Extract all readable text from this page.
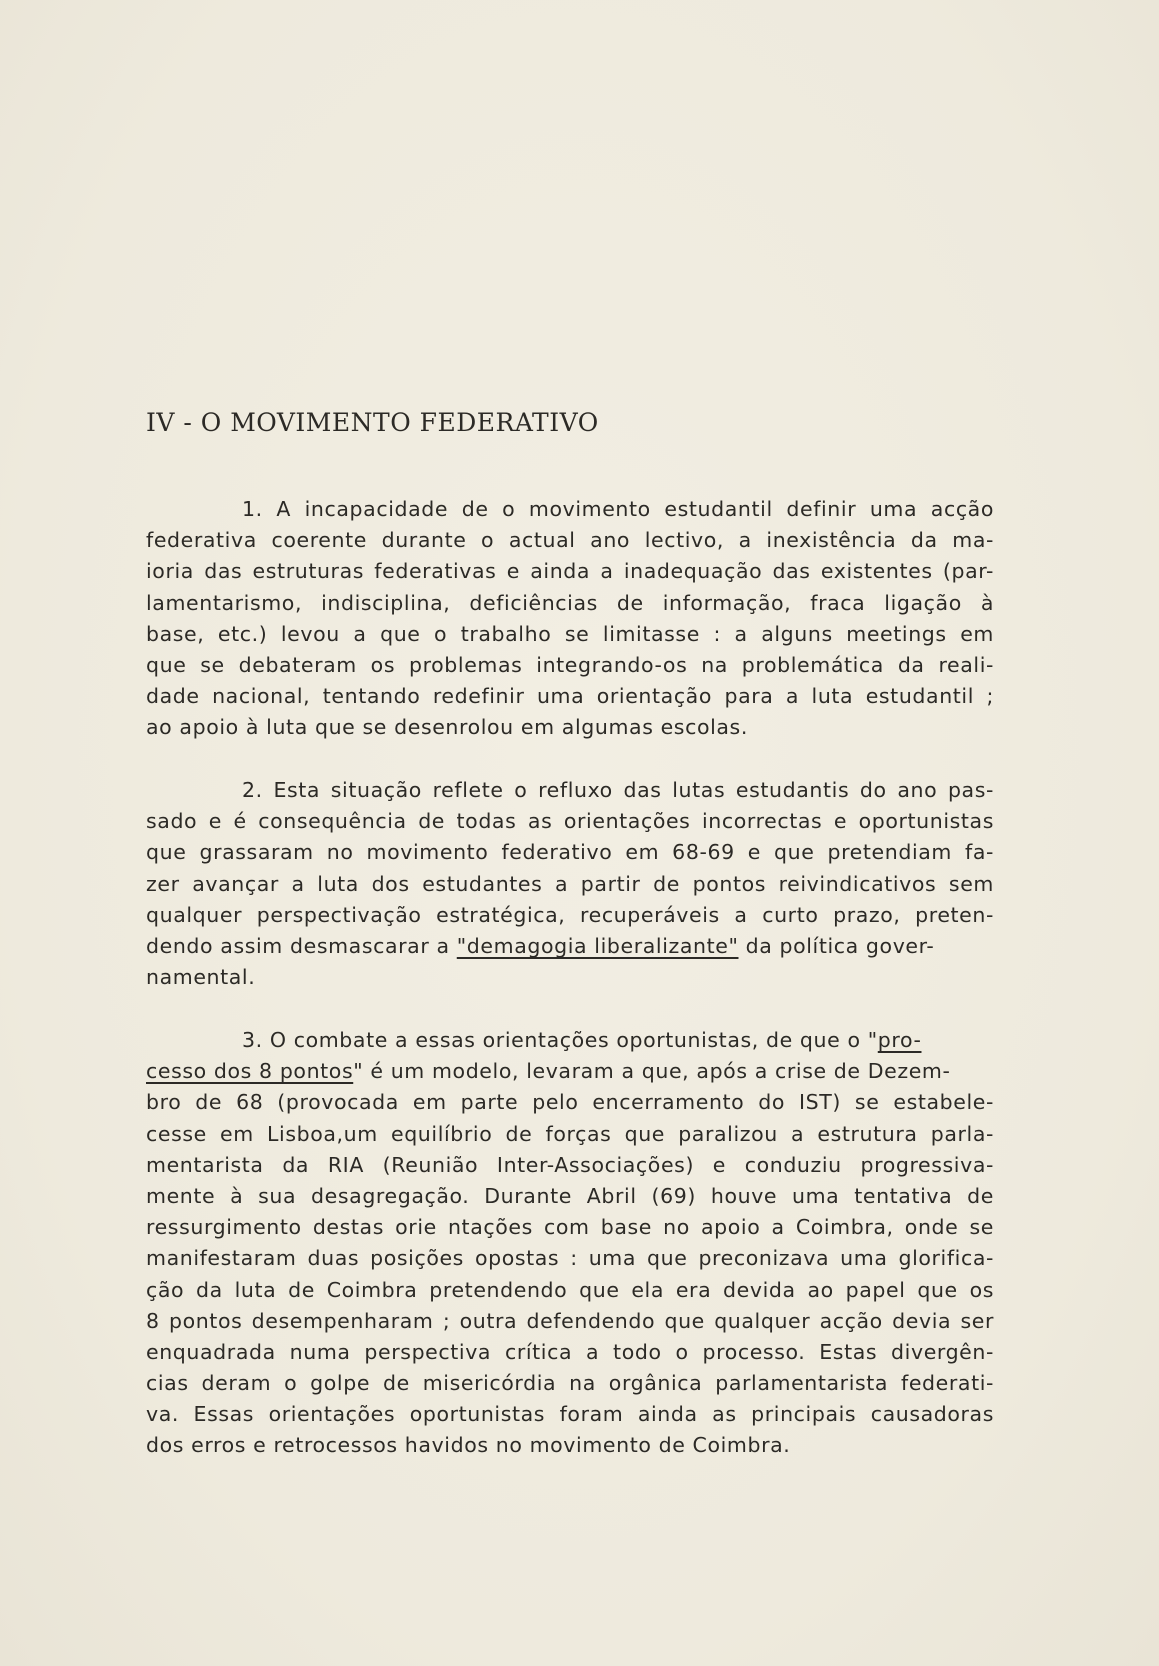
IV - O MOVIMENTO FEDERATIVO
1. A incapacidade de o movimento estudantil definir uma acção
federativa coerente durante o actual ano lectivo, a inexistência da ma-
ioria das estruturas federativas e ainda a inadequação das existentes (par-
lamentarismo, indisciplina, deficiências de informação, fraca ligação à
base, etc.) levou a que o trabalho se limitasse : a alguns meetings em
que se debateram os problemas integrando-os na problemática da reali-
dade nacional, tentando redefinir uma orientação para a luta estudantil ;
ao apoio à luta que se desenrolou em algumas escolas.
2. Esta situação reflete o refluxo das lutas estudantis do ano pas-
sado e é consequência de todas as orientações incorrectas e oportunistas
que grassaram no movimento federativo em 68-69 e que pretendiam fa-
zer avançar a luta dos estudantes a partir de pontos reivindicativos sem
qualquer perspectivação estratégica, recuperáveis a curto prazo, preten-
dendo assim desmascarar a "demagogia liberalizante" da política gover-
namental.
3. O combate a essas orientações oportunistas, de que o "pro-
cesso dos 8 pontos" é um modelo, levaram a que, após a crise de Dezem-
bro de 68 (provocada em parte pelo encerramento do IST) se estabele-
cesse em Lisboa,um equilíbrio de forças que paralizou a estrutura parla-
mentarista da RIA (Reunião Inter-Associações) e conduziu progressiva-
mente à sua desagregação. Durante Abril (69) houve uma tentativa de
ressurgimento destas orie ntações com base no apoio a Coimbra, onde se
manifestaram duas posições opostas : uma que preconizava uma glorifica-
ção da luta de Coimbra pretendendo que ela era devida ao papel que os
8 pontos desempenharam ; outra defendendo que qualquer acção devia ser
enquadrada numa perspectiva crítica a todo o processo. Estas divergên-
cias deram o golpe de misericórdia na orgânica parlamentarista federati-
va. Essas orientações oportunistas foram ainda as principais causadoras
dos erros e retrocessos havidos no movimento de Coimbra.
